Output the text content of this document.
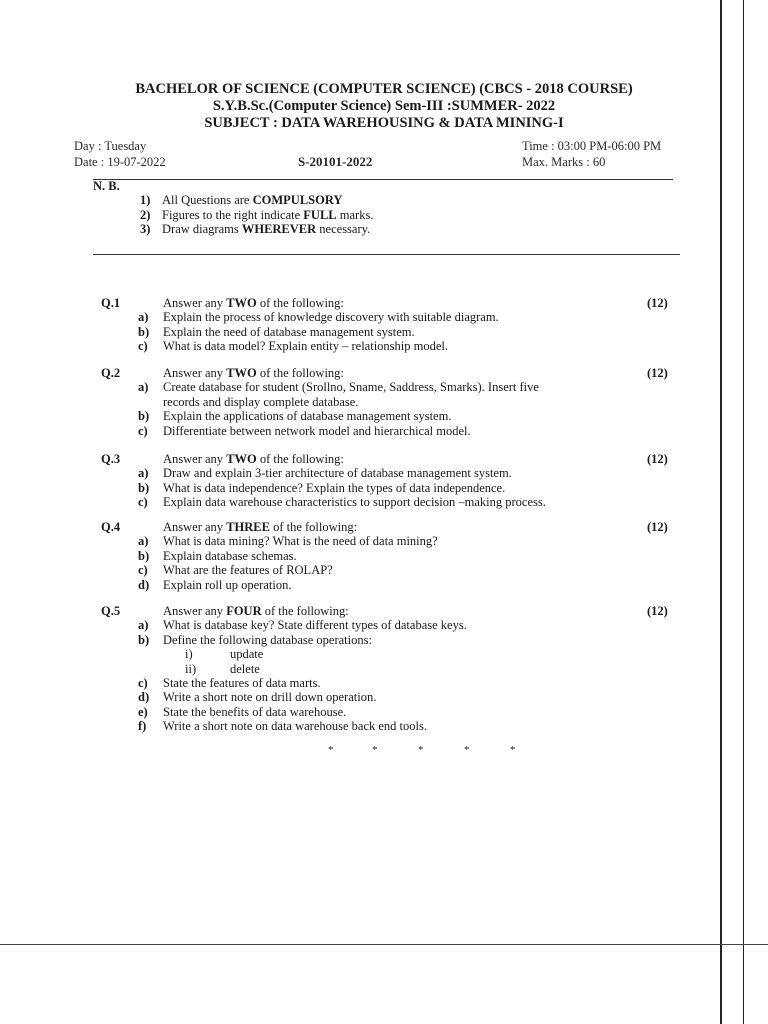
BACHELOR OF SCIENCE (COMPUTER SCIENCE) (CBCS - 2018 COURSE)
S.Y.B.Sc.(Computer Science) Sem-III :SUMMER- 2022
SUBJECT : DATA WAREHOUSING & DATA MINING-I
Day : Tuesday
Date : 19-07-2022	S-20101-2022
Time : 03:00 PM-06:00 PM
Max. Marks : 60
N. B.
1) All Questions are COMPULSORY
2) Figures to the right indicate FULL marks.
3) Draw diagrams WHEREVER necessary.
Q.1	Answer any TWO of the following:	(12)
a) Explain the process of knowledge discovery with suitable diagram.
b) Explain the need of database management system.
c) What is data model? Explain entity – relationship model.
Q.2	Answer any TWO of the following:	(12)
a) Create database for student (Srollno, Sname, Saddress, Smarks). Insert five
records and display complete database.
b) Explain the applications of database management system.
c) Differentiate between network model and hierarchical model.
Q.3	Answer any TWO of the following:	(12)
a) Draw and explain 3-tier architecture of database management system.
b) What is data independence? Explain the types of data independence.
c) Explain data warehouse characteristics to support decision –making process.
Q.4	Answer any THREE of the following:	(12)
a) What is data mining? What is the need of data mining?
b) Explain database schemas.
c) What are the features of ROLAP?
d) Explain roll up operation.
Q.5	Answer any FOUR of the following:	(12)
a) What is database key? State different types of database keys.
b) Define the following database operations:
i)	update
ii)	delete
c) State the features of data marts.
d) Write a short note on drill down operation.
e) State the benefits of data warehouse.
f) Write a short note on data warehouse back end tools.
*	*	*	*	*
